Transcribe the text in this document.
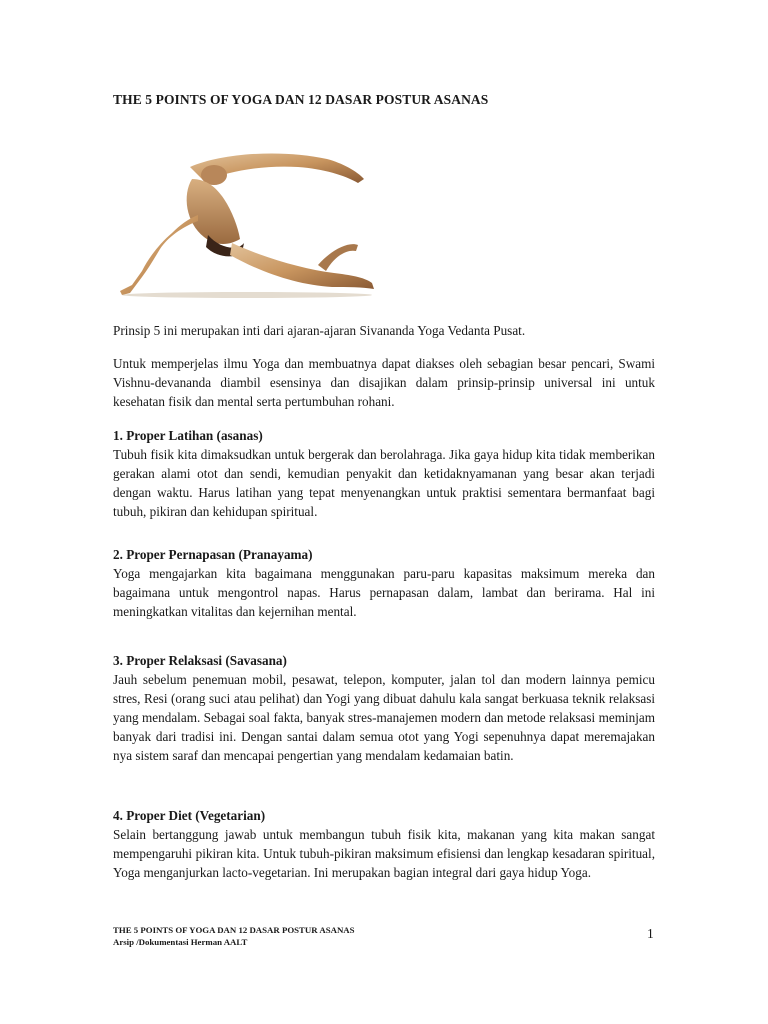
THE 5 POINTS OF YOGA DAN 12 DASAR POSTUR ASANAS

Prinsip 5 ini merupakan inti dari ajaran-ajaran Sivananda Yoga Vedanta Pusat.

Untuk memperjelas ilmu Yoga dan membuatnya dapat diakses oleh sebagian besar pencari, Swami Vishnu-devananda diambil esensinya dan disajikan dalam prinsip-prinsip universal ini untuk kesehatan fisik dan mental serta pertumbuhan rohani.

1. Proper Latihan (asanas)

Tubuh fisik kita dimaksudkan untuk bergerak dan berolahraga. Jika gaya hidup kita tidak memberikan gerakan alami otot dan sendi, kemudian penyakit dan ketidaknyamanan yang besar akan terjadi dengan waktu. Harus latihan yang tepat menyenangkan untuk praktisi sementara bermanfaat bagi tubuh, pikiran dan kehidupan spiritual.

2. Proper Pernapasan (Pranayama)

Yoga mengajarkan kita bagaimana menggunakan paru-paru kapasitas maksimum mereka dan bagaimana untuk mengontrol napas. Harus pernapasan dalam, lambat dan berirama. Hal ini meningkatkan vitalitas dan kejernihan mental.

3. Proper Relaksasi (Savasana)

Jauh sebelum penemuan mobil, pesawat, telepon, komputer, jalan tol dan modern lainnya pemicu stres, Resi (orang suci atau pelihat) dan Yogi yang dibuat dahulu kala sangat berkuasa teknik relaksasi yang mendalam. Sebagai soal fakta, banyak stres-manajemen modern dan metode relaksasi meminjam banyak dari tradisi ini. Dengan santai dalam semua otot yang Yogi sepenuhnya dapat meremajakan nya sistem saraf dan mencapai pengertian yang mendalam kedamaian batin.

4. Proper Diet (Vegetarian)

Selain bertanggung jawab untuk membangun tubuh fisik kita, makanan yang kita makan sangat mempengaruhi pikiran kita. Untuk tubuh-pikiran maksimum efisiensi dan lengkap kesadaran spiritual, Yoga menganjurkan lacto-vegetarian. Ini merupakan bagian integral dari gaya hidup Yoga.

THE 5 POINTS OF YOGA DAN 12 DASAR POSTUR ASANAS
Arsip /Dokumentasi Herman AALT
1
